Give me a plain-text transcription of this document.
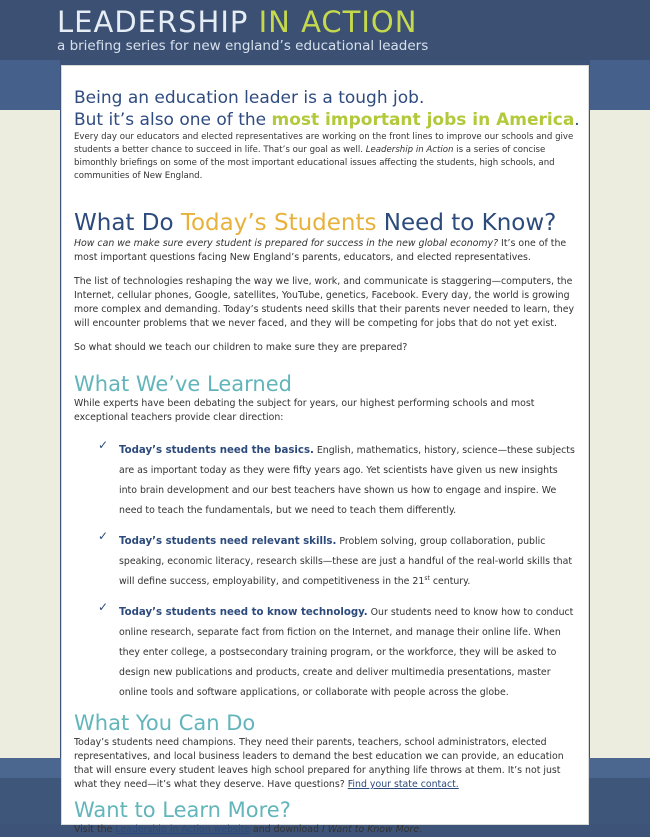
LEADERSHIP IN ACTION
a briefing series for new england’s educational leaders
Being an education leader is a tough job.
But it’s also one of the most important jobs in America.
Every day our educators and elected representatives are working on the front lines to improve our schools and give students a better chance to succeed in life. That’s our goal as well. Leadership in Action is a series of concise bimonthly briefings on some of the most important educational issues affecting the students, high schools, and communities of New England.
What Do Today’s Students Need to Know?
How can we make sure every student is prepared for success in the new global economy? It’s one of the most important questions facing New England’s parents, educators, and elected representatives.
The list of technologies reshaping the way we live, work, and communicate is staggering—computers, the Internet, cellular phones, Google, satellites, YouTube, genetics, Facebook. Every day, the world is growing more complex and demanding. Today’s students need skills that their parents never needed to learn, they will encounter problems that we never faced, and they will be competing for jobs that do not yet exist.
So what should we teach our children to make sure they are prepared?
What We’ve Learned
While experts have been debating the subject for years, our highest performing schools and most exceptional teachers provide clear direction:
✓ Today’s students need the basics. English, mathematics, history, science—these subjects are as important today as they were fifty years ago. Yet scientists have given us new insights into brain development and our best teachers have shown us how to engage and inspire. We need to teach the fundamentals, but we need to teach them differently.
✓ Today’s students need relevant skills. Problem solving, group collaboration, public speaking, economic literacy, research skills—these are just a handful of the real-world skills that will define success, employability, and competitiveness in the 21st century.
✓ Today’s students need to know technology. Our students need to know how to conduct online research, separate fact from fiction on the Internet, and manage their online life. When they enter college, a postsecondary training program, or the workforce, they will be asked to design new publications and products, create and deliver multimedia presentations, master online tools and software applications, or collaborate with people across the globe.
What You Can Do
Today’s students need champions. They need their parents, teachers, school administrators, elected representatives, and local business leaders to demand the best education we can provide, an education that will ensure every student leaves high school prepared for anything life throws at them. It’s not just what they need—it’s what they deserve. Have questions? Find your state contact.
Want to Learn More?
Visit the Leadership in Action website and download I Want to Know More.
